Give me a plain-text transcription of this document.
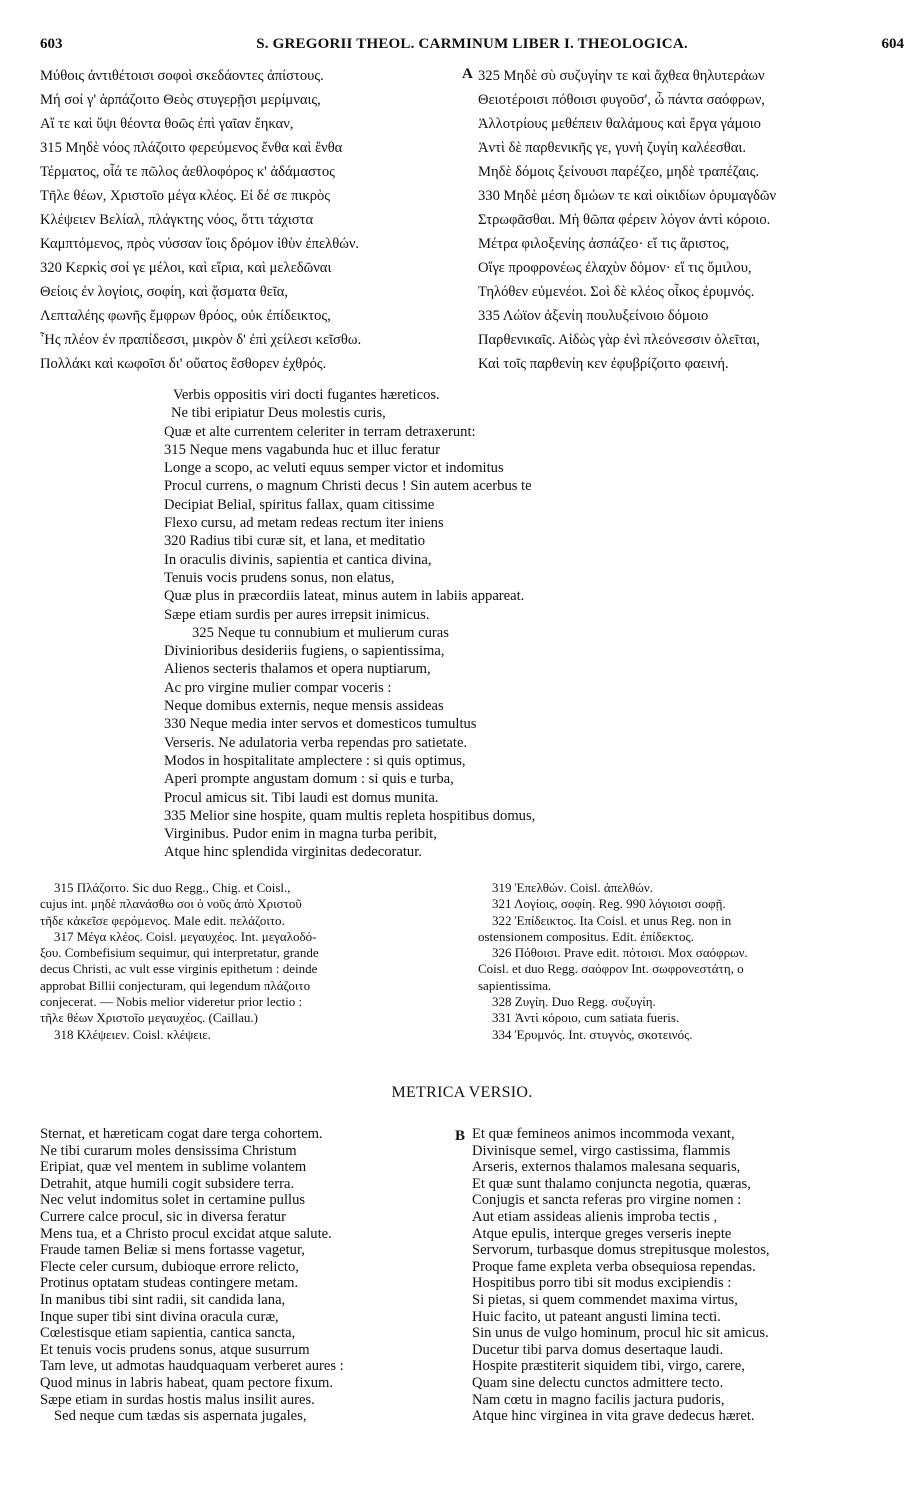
603	S. GREGORII THEOL. CARMINUM LIBER I. THEOLOGICA.	604
Μύθοις ἀντιθέτοισι σοφοὶ σκεδάοντες ἀπίστους.
Μή σοί γ' ἁρπάζοιτο Θεὸς στυγερῇσι μερίμναις,
Αἵ τε καὶ ὕψι θέοντα θοῶς ἐπὶ γαῖαν ἔηκαν,
315 Μηδὲ νόος πλάζοιτο φερεύμενος ἔνθα καὶ ἔνθα
Τέρματος, οἷά τε πῶλος ἀεθλοφόρος κ' ἀδάμαστος
Τῆλε θέων, Χριστοῖο μέγα κλέος. Εἰ δέ σε πικρὸς
Κλέψειεν Βελίαλ, πλάγκτης νόος, ὅττι τάχιστα
Καμπτόμενος, πρὸς νύσσαν ἴοις δρόμον ἰθὺν ἐπελθών.
320 Κερκὶς σοί γε μέλοι, καὶ εἴρια, καὶ μελεδῶναι
Θείοις ἐν λογίοις, σοφίη, καὶ ᾄσματα θεῖα,
Λεπταλέης φωνῆς ἔμφρων θρόος, οὐκ ἐπίδεικτος,
Ἧς πλέον ἐν πραπίδεσσι, μικρὸν δ' ἐπὶ χείλεσι κεῖσθω.
Πολλάκι καὶ κωφοῖσι δι' οὔατος ἔσθορεν ἐχθρός.
A 325 Μηδὲ σὺ συζυγίην τε καὶ ἄχθεα θηλυτεράων
Θειοτέροισι πόθοισι φυγοῦσ', ὦ πάντα σαόφρων,
Ἀλλοτρίους μεθέπειν θαλάμους καὶ ἔργα γάμοιο
Ἀντὶ δὲ παρθενικῆς γε, γυνὴ ζυγίη καλέεσθαι.
Μηδὲ δόμοις ξείνουσι παρέζεο, μηδὲ τραπέζαις.
330 Μηδὲ μέση δμώων τε καὶ οἰκιδίων ὀρυμαγδῶν
Στρωφᾶσθαι. Μὴ θῶπα φέρειν λόγον ἀντὶ κόροιο.
Μέτρα φιλοξενίης ἀσπάζεο· εἴ τις ἄριστος,
Οἴγε προφρονέως ἐλαχὺν δόμον· εἴ τις ὅμιλου,
Τηλόθεν εὐμενέοι. Σοὶ δὲ κλέος οἶκος ἐρυμνός.
335 Λώϊον ἀξενίη πουλυξείνοιο δόμοιο
Παρθενικαῖς. Αἰδὼς γὰρ ἐνὶ πλεόνεσσιν ὀλεῖται,
Καὶ τοῖς παρθενίη κεν ἐφυβρίζοιτο φαεινή.
Verbis oppositis viri docti fugantes hæreticos.
Ne tibi eripiatur Deus molestis curis,
Quæ et alte currentem celeriter in terram detraxerunt:
315 Neque mens vagabunda huc et illuc feratur
Longe a scopo, ac veluti equus semper victor et indomitus
Procul currens, o magnum Christi decus ! Sin autem acerbus te
Decipiat Belial, spiritus fallax, quam citissime
Flexo cursu, ad metam redeas rectum iter iniens
320 Radius tibi curæ sit, et lana, et meditatio
In oraculis divinis, sapientia et cantica divina,
Tenuis vocis prudens sonus, non elatus,
Quæ plus in præcordiis lateat, minus autem in labiis appareat.
Sæpe etiam surdis per aures irrepsit inimicus.
325 Neque tu connubium et mulierum curas
Divinioribus desideriis fugiens, o sapientissima,
Alienos secteris thalamos et opera nuptiarum,
Ac pro virgine mulier compar voceris :
Neque domibus externis, neque mensis assideas
330 Neque media inter servos et domesticos tumultus
Verseris. Ne adulatoria verba rependas pro satietate.
Modos in hospitalitate amplectere : si quis optimus,
Aperi prompte angustam domum : si quis e turba,
Procul amicus sit. Tibi laudi est domus munita.
335 Melior sine hospite, quam multis repleta hospitibus domus,
Virginibus. Pudor enim in magna turba peribit,
Atque hinc splendida virginitas dedecoratur.
315 Πλάζοιτο. Sic duo Regg., Chig. et Coisl.,
cujus int. μηδὲ πλανάσθω σοι ὁ νοῦς ἀπὸ Χριστοῦ
τῆδε κἀκεῖσε φερόμενος. Male edit. πελάζοιτο.
317 Μέγα κλέος. Coisl. μεγαυχέος. Int. μεγαλοδό-
ξου. Combefisium sequimur, qui interpretatur, grande
decus Christi, ac vult esse virginis epithetum : deinde
approbat Billii conjecturam, qui legendum πλάζοιτο
conjecerat. — Nobis melior videretur prior lectio :
τῆλε θέων Χριστοῖο μεγαυχέος. (Caillau.)
318 Κλέψειεν. Coisl. κλέψειε.
319 Ἐπελθών. Coisl. ἀπελθών.
321 Λογίοις, σοφίη. Reg. 990 λόγιοισι σοφῇ.
322 Ἐπίδεικτος. Ita Coisl. et unus Reg. non in
ostensionem compositus. Edit. ἐπίδεκτος.
326 Πόθοισι. Prave edit. πότοισι. Mox σαόφρων.
Coisl. et duo Regg. σαόφρον Int. σωφρονεστάτη, o
sapientissima.
328 Ζυγίη. Duo Regg. συζυγίη.
331 Ἀντὶ κόροιο, cum satiata fueris.
334 Ἐρυμνός. Int. στυγνὸς, σκοτεινός.
METRICA VERSIO.
Sternat, et hæreticam cogat dare terga cohortem.
Ne tibi curarum moles densissima Christum
Eripiat, quæ vel mentem in sublime volantem
Detrahit, atque humili cogit subsidere terra.
Nec velut indomitus solet in certamine pullus
Currere calce procul, sic in diversa feratur
Mens tua, et a Christo procul excidat atque salute.
Fraude tamen Beliæ si mens fortasse vagetur,
Flecte celer cursum, dubioque errore relicto,
Protinus optatam studeas contingere metam.
In manibus tibi sint radii, sit candida lana,
Inque super tibi sint divina oracula curæ,
Cœlestisque etiam sapientia, cantica sancta,
Et tenuis vocis prudens sonus, atque susurrum
Tam leve, ut admotas haudquaquam verberet aures :
Quod minus in labris habeat, quam pectore fixum.
Sæpe etiam in surdas hostis malus insilit aures.
Sed neque cum tædas sis aspernata jugales,
B Et quæ femineos animos incommoda vexant,
Divinisque semel, virgo castissima, flammis
Arseris, externos thalamos malesana sequaris,
Et quæ sunt thalamo conjuncta negotia, quæras,
Conjugis et sancta referas pro virgine nomen :
Aut etiam assideas alienis improba tectis ,
Atque epulis, interque greges verseris inepte
Servorum, turbasque domus strepitusque molestos,
Proque fame expleta verba obsequiosa rependas.
Hospitibus porro tibi sit modus excipiendis :
Si pietas, si quem commendet maxima virtus,
Huic facito, ut pateant angusti limina tecti.
Sin unus de vulgo hominum, procul hic sit amicus.
Ducetur tibi parva domus desertaque laudi.
Hospite præstiterit siquidem tibi, virgo, carere,
Quam sine delectu cunctos admittere tecto.
Nam cœtu in magno facilis jactura pudoris,
Atque hinc virginea in vita grave dedecus hæret.
